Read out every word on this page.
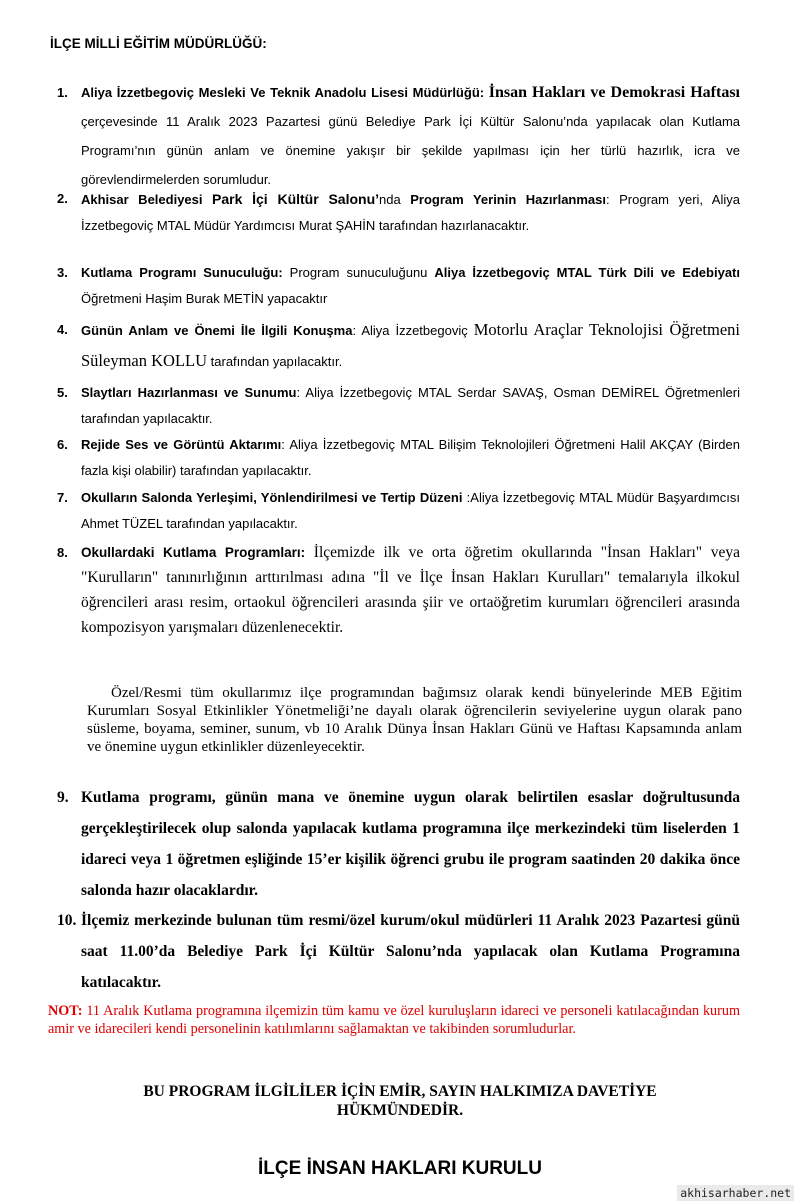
İLÇE MİLLİ EĞİTİM MÜDÜRLÜĞÜ:
1. Aliya İzzetbegoviç Mesleki Ve Teknik Anadolu Lisesi Müdürlüğü: İnsan Hakları ve Demokrasi Haftası çerçevesinde 11 Aralık 2023 Pazartesi günü Belediye Park İçi Kültür Salonu’nda yapılacak olan Kutlama Programı’nın günün anlam ve önemine yakışır bir şekilde yapılması için her türlü hazırlık, icra ve görevlendirmelerden sorumludur.
2. Akhisar Belediyesi Park İçi Kültür Salonu’nda Program Yerinin Hazırlanması: Program yeri, Aliya İzzetbegoviç MTAL Müdür Yardımcısı Murat ŞAHİN tarafından hazırlanacaktır.
3. Kutlama Programı Sunuculuğu: Program sunuculuğunu Aliya İzzetbegoviç MTAL Türk Dili ve Edebiyatı Öğretmeni Haşim Burak METİN yapacaktır
4. Günün Anlam ve Önemi İle İlgili Konuşma: Aliya İzzetbegoviç Motorlu Araçlar Teknolojisi Öğretmeni Süleyman KOLLU tarafından yapılacaktır.
5. Slaytları Hazırlanması ve Sunumu: Aliya İzzetbegoviç MTAL Serdar SAVAŞ, Osman DEMİREL Öğretmenleri tarafından yapılacaktır.
6. Rejide Ses ve Görüntü Aktarımı: Aliya İzzetbegoviç MTAL Bilişim Teknolojileri Öğretmeni Halil AKÇAY (Birden fazla kişi olabilir) tarafından yapılacaktır.
7. Okulların Salonda Yerleşimi, Yönlendirilmesi ve Tertip Düzeni :Aliya İzzetbegoviç MTAL Müdür Başyardımcısı Ahmet TÜZEL tarafından yapılacaktır.
8. Okullardaki Kutlama Programları: İlçemizde ilk ve orta öğretim okullarında "İnsan Hakları" veya "Kurulların" tanınırlığının arttırılması adına "İl ve İlçe İnsan Hakları Kurulları" temalarıyla ilkokul öğrencileri arası resim, ortaokul öğrencileri arasında şiir ve ortaöğretim kurumları öğrencileri arasında kompozisyon yarışmaları düzenlenecektir.
Özel/Resmi tüm okullarımız ilçe programından bağımsız olarak kendi bünyelerinde MEB Eğitim Kurumları Sosyal Etkinlikler Yönetmeliği’ne dayalı olarak öğrencilerin seviyelerine uygun olarak pano süsleme, boyama, seminer, sunum, vb 10 Aralık Dünya İnsan Hakları Günü ve Haftası Kapsamında anlam ve önemine uygun etkinlikler düzenleyecektir.
9. Kutlama programı, günün mana ve önemine uygun olarak belirtilen esaslar doğrultusunda gerçekleştirilecek olup salonda yapılacak kutlama programına ilçe merkezindeki tüm liselerden 1 idareci veya 1 öğretmen eşliğinde 15’er kişilik öğrenci grubu ile program saatinden 20 dakika önce salonda hazır olacaklardır.
10. İlçemiz merkezinde bulunan tüm resmi/özel kurum/okul müdürleri 11 Aralık 2023 Pazartesi günü saat 11.00’da Belediye Park İçi Kültür Salonu’nda yapılacak olan Kutlama Programına katılacaktır.
NOT: 11 Aralık Kutlama programına ilçemizin tüm kamu ve özel kuruluşların idareci ve personeli katılacağından kurum amir ve idarecileri kendi personelinin katılımlarını sağlamaktan ve takibinden sorumludurlar.
BU PROGRAM İLGİLİLER İÇİN EMİR, SAYIN HALKIMIZA DAVETİYE
HÜKMÜNDEDİR.
İLÇE İNSAN HAKLARI KURULU
akhisarhaber.net
